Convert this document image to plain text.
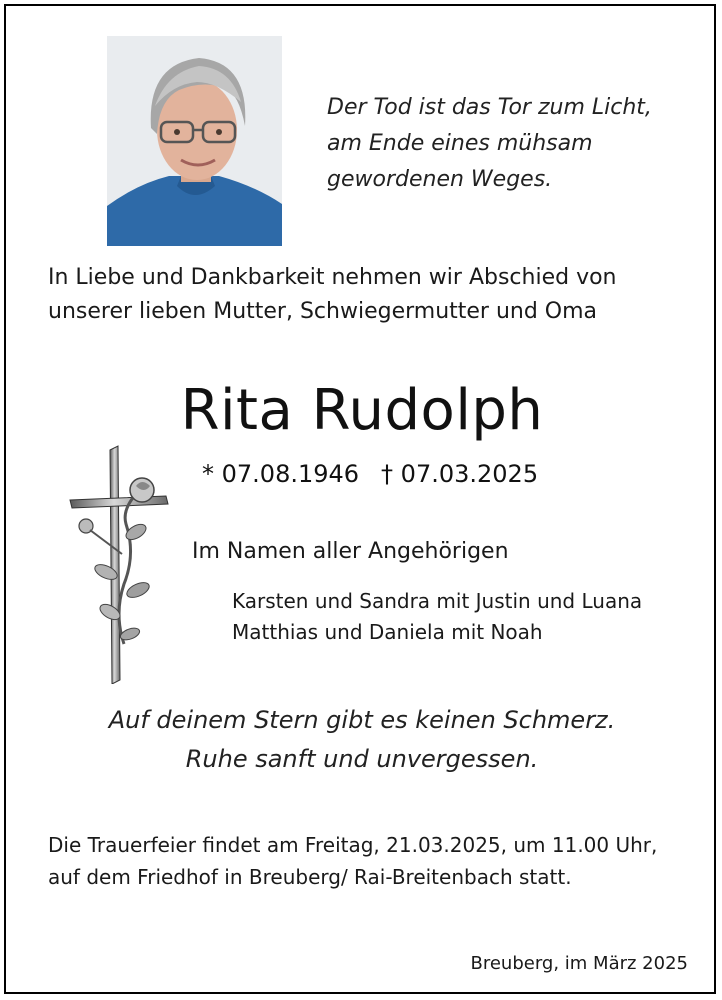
Der Tod ist das Tor zum Licht,
am Ende eines mühsam
gewordenen Weges.
In Liebe und Dankbarkeit nehmen wir Abschied von
unserer lieben Mutter, Schwiegermutter und Oma
Rita Rudolph
* 07.08.1946 † 07.03.2025
Im Namen aller Angehörigen
Karsten und Sandra mit Justin und Luana
Matthias und Daniela mit Noah
Auf deinem Stern gibt es keinen Schmerz.
Ruhe sanft und unvergessen.
Die Trauerfeier findet am Freitag, 21.03.2025, um 11.00 Uhr,
auf dem Friedhof in Breuberg/ Rai-Breitenbach statt.
Breuberg, im März 2025
